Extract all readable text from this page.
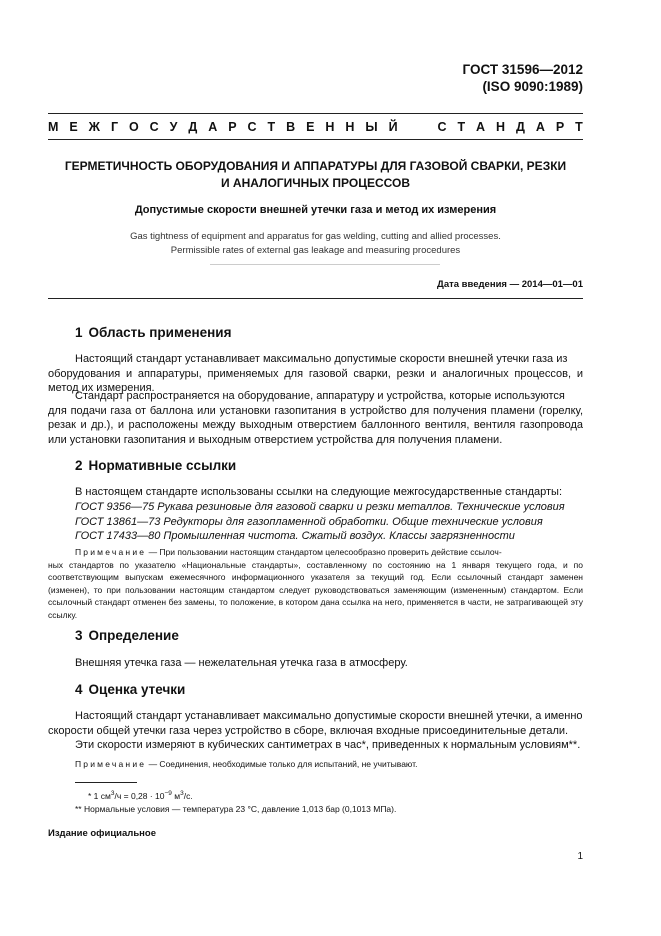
ГОСТ 31596—2012
(ISO 9090:1989)
М Е Ж Г О С У Д А Р С Т В Е Н Н Ы Й	С Т А Н Д А Р Т
ГЕРМЕТИЧНОСТЬ ОБОРУДОВАНИЯ И АППАРАТУРЫ ДЛЯ ГАЗОВОЙ СВАРКИ, РЕЗКИ
И АНАЛОГИЧНЫХ ПРОЦЕССОВ
Допустимые скорости внешней утечки газа и метод их измерения
Gas tightness of equipment and apparatus for gas welding, cutting and allied processes.
Permissible rates of external gas leakage and measuring procedures
Дата введения — 2014—01—01
1 Область применения
Настоящий стандарт устанавливает максимально допустимые скорости внешней утечки газа из
оборудования и аппаратуры, применяемых для газовой сварки, резки и аналогичных процессов, и метод их измерения.
Стандарт распространяется на оборудование, аппаратуру и устройства, которые используются
для подачи газа от баллона или установки газопитания в устройство для получения пламени (горелку, резак и др.), и расположены между выходным отверстием баллонного вентиля, вентиля газопровода или установки газопитания и выходным отверстием устройства для получения пламени.
2 Нормативные ссылки
В настоящем стандарте использованы ссылки на следующие межгосударственные стандарты:
ГОСТ 9356—75 Рукава резиновые для газовой сварки и резки металлов. Технические условия
ГОСТ 13861—73 Редукторы для газопламенной обработки. Общие технические условия
ГОСТ 17433—80 Промышленная чистота. Сжатый воздух. Классы загрязненности
Примечание — При пользовании настоящим стандартом целесообразно проверить действие ссылоч-
ных стандартов по указателю «Национальные стандарты», составленному по состоянию на 1 января текущего года, и по соответствующим выпускам ежемесячного информационного указателя за текущий год. Если ссылочный стандарт заменен (изменен), то при пользовании настоящим стандартом следует руководствоваться заменяющим (измененным) стандартом. Если ссылочный стандарт отменен без замены, то положение, в котором дана ссылка на него, применяется в части, не затрагивающей эту ссылку.
3 Определение
Внешняя утечка газа — нежелательная утечка газа в атмосферу.
4 Оценка утечки
Настоящий стандарт устанавливает максимально допустимые скорости внешней утечки, а именно
скорости общей утечки газа через устройство в сборе, включая входные присоединительные детали.
Эти скорости измеряют в кубических сантиметрах в час*, приведенных к нормальным условиям**.
Примечание — Соединения, необходимые только для испытаний, не учитывают.
* 1 $см^3/ч = 0,28 \cdot 10^{-9}$ $м^3/с$.
** Нормальные условия — температура 23 °С, давление 1,013 бар (0,1013 МПа).
Издание официальное
1
